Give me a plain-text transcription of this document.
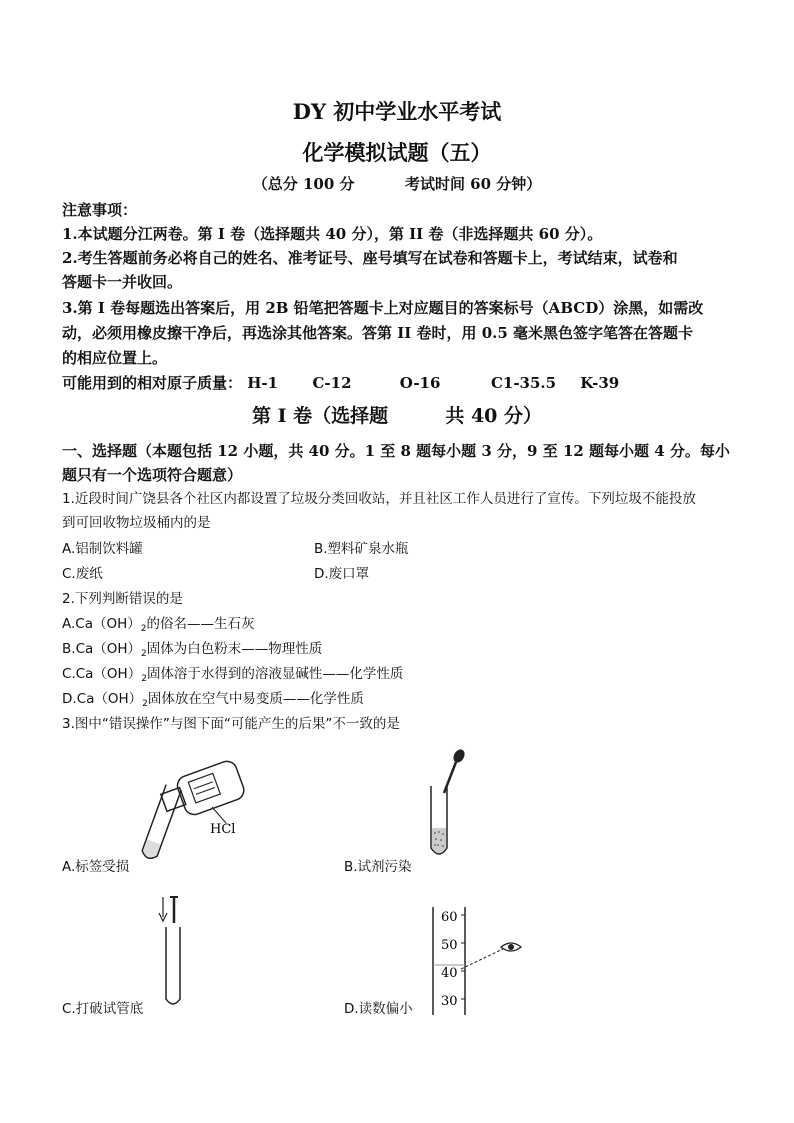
DY 初中学业水平考试
化学模拟试题（五）
（总分 100 分	考试时间 60 分钟）
注意事项：
1.本试题分江两卷。第 I 卷（选择题共 40 分），第 II 卷（非选择题共 60 分）。
2.考生答题前务必将自己的姓名、准考证号、座号填写在试卷和答题卡上，考试结束，试卷和
答题卡一并收回。
3.第 I 卷每题选出答案后，用 2B 铅笔把答题卡上对应题目的答案标号（ABCD）涂黑，如需改
动，必须用橡皮擦干净后，再选涂其他答案。答第 II 卷时，用 0.5 毫米黑色签字笔答在答题卡
的相应位置上。
可能用到的相对原子质量： H-1 C-12	O-16	C1-35.5 K-39
第 I 卷（选择题	共 40 分）
一、选择题（本题包括 12 小题，共 40 分。1 至 8 题每小题 3 分，9 至 12 题每小题 4 分。每小
题只有一个选项符合题意）
1.近段时间广饶县各个社区内都设置了垃圾分类回收站，并且社区工作人员进行了宣传。下列垃圾不能投放
到可回收物垃圾桶内的是
A.铝制饮料罐	B.塑料矿泉水瓶
C.废纸	D.废口罩
2.下列判断错误的是
$A.Ca(OH)_2$的俗名——生石灰
$B.Ca(OH)_2$固体为白色粉末——物理性质
$C.Ca(OH)_2$固体溶于水得到的溶液显碱性——化学性质
$D.Ca(OH)_2$固体放在空气中易变质——化学性质
3.图中“错误操作”与图下面“可能产生的后果”不一致的是
HCl
A.标签受损	B.试剂污染
C.打破试管底
60
50
40
30
D.读数偏小
